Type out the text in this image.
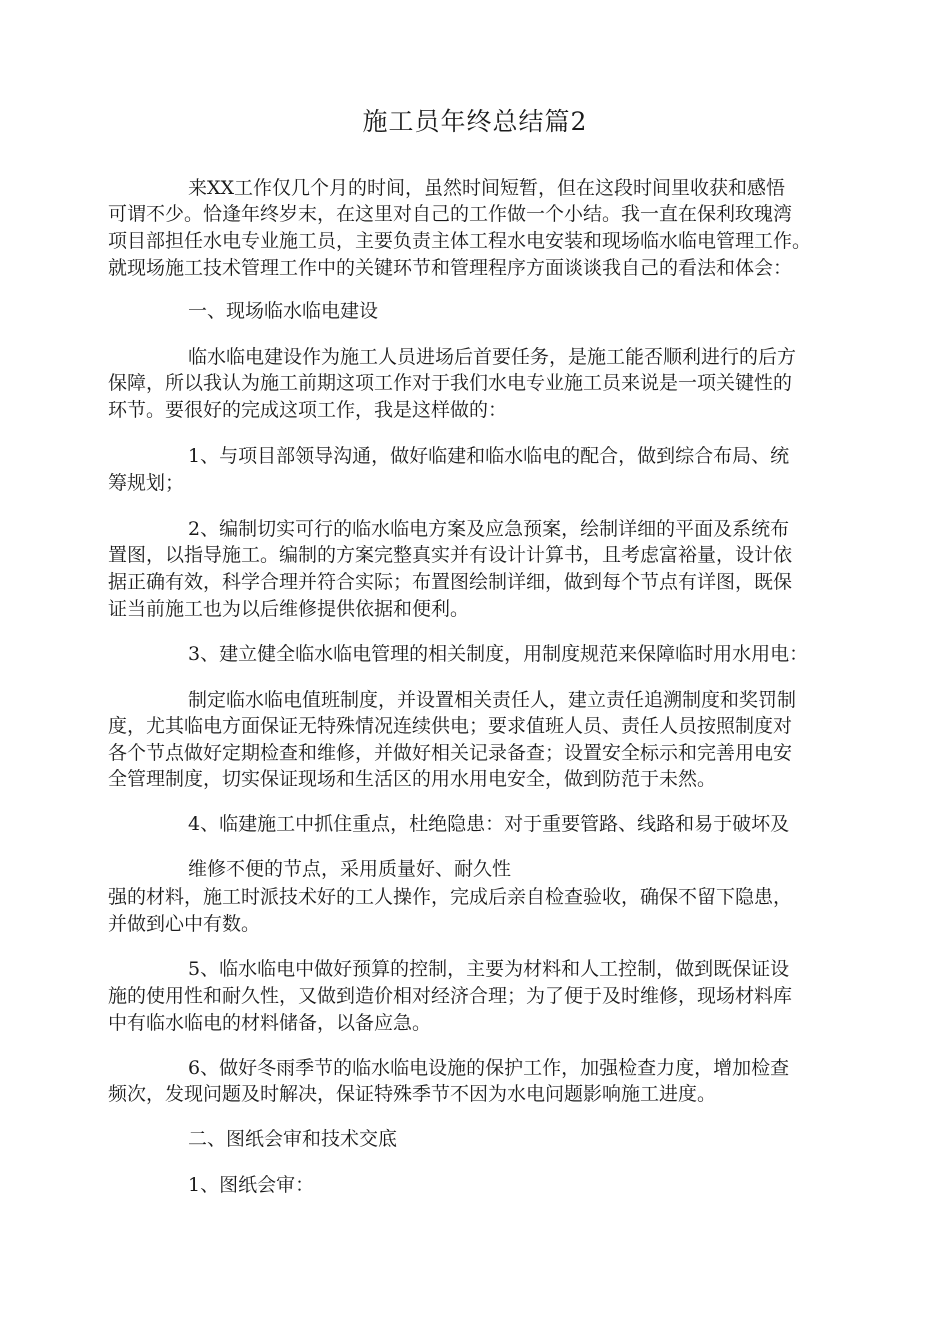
施工员年终总结篇2
来XX工作仅几个月的时间，虽然时间短暂，但在这段时间里收获和感悟
可谓不少。恰逢年终岁末，在这里对自己的工作做一个小结。我一直在保利玫瑰湾
项目部担任水电专业施工员，主要负责主体工程水电安装和现场临水临电管理工作。
就现场施工技术管理工作中的关键环节和管理程序方面谈谈我自己的看法和体会：
一、现场临水临电建设
临水临电建设作为施工人员进场后首要任务，是施工能否顺利进行的后方
保障，所以我认为施工前期这项工作对于我们水电专业施工员来说是一项关键性的
环节。要很好的完成这项工作，我是这样做的：
1、与项目部领导沟通，做好临建和临水临电的配合，做到综合布局、统
筹规划；
2、编制切实可行的临水临电方案及应急预案，绘制详细的平面及系统布
置图，以指导施工。编制的方案完整真实并有设计计算书，且考虑富裕量，设计依
据正确有效，科学合理并符合实际；布置图绘制详细，做到每个节点有详图，既保
证当前施工也为以后维修提供依据和便利。
3、建立健全临水临电管理的相关制度，用制度规范来保障临时用水用电：
制定临水临电值班制度，并设置相关责任人，建立责任追溯制度和奖罚制
度，尤其临电方面保证无特殊情况连续供电；要求值班人员、责任人员按照制度对
各个节点做好定期检查和维修，并做好相关记录备查；设置安全标示和完善用电安
全管理制度，切实保证现场和生活区的用水用电安全，做到防范于未然。
4、临建施工中抓住重点，杜绝隐患：对于重要管路、线路和易于破坏及
维修不便的节点，采用质量好、耐久性
强的材料，施工时派技术好的工人操作，完成后亲自检查验收，确保不留下隐患，
并做到心中有数。
5、临水临电中做好预算的控制，主要为材料和人工控制，做到既保证设
施的使用性和耐久性，又做到造价相对经济合理；为了便于及时维修，现场材料库
中有临水临电的材料储备，以备应急。
6、做好冬雨季节的临水临电设施的保护工作，加强检查力度，增加检查
频次，发现问题及时解决，保证特殊季节不因为水电问题影响施工进度。
二、图纸会审和技术交底
1、图纸会审：
